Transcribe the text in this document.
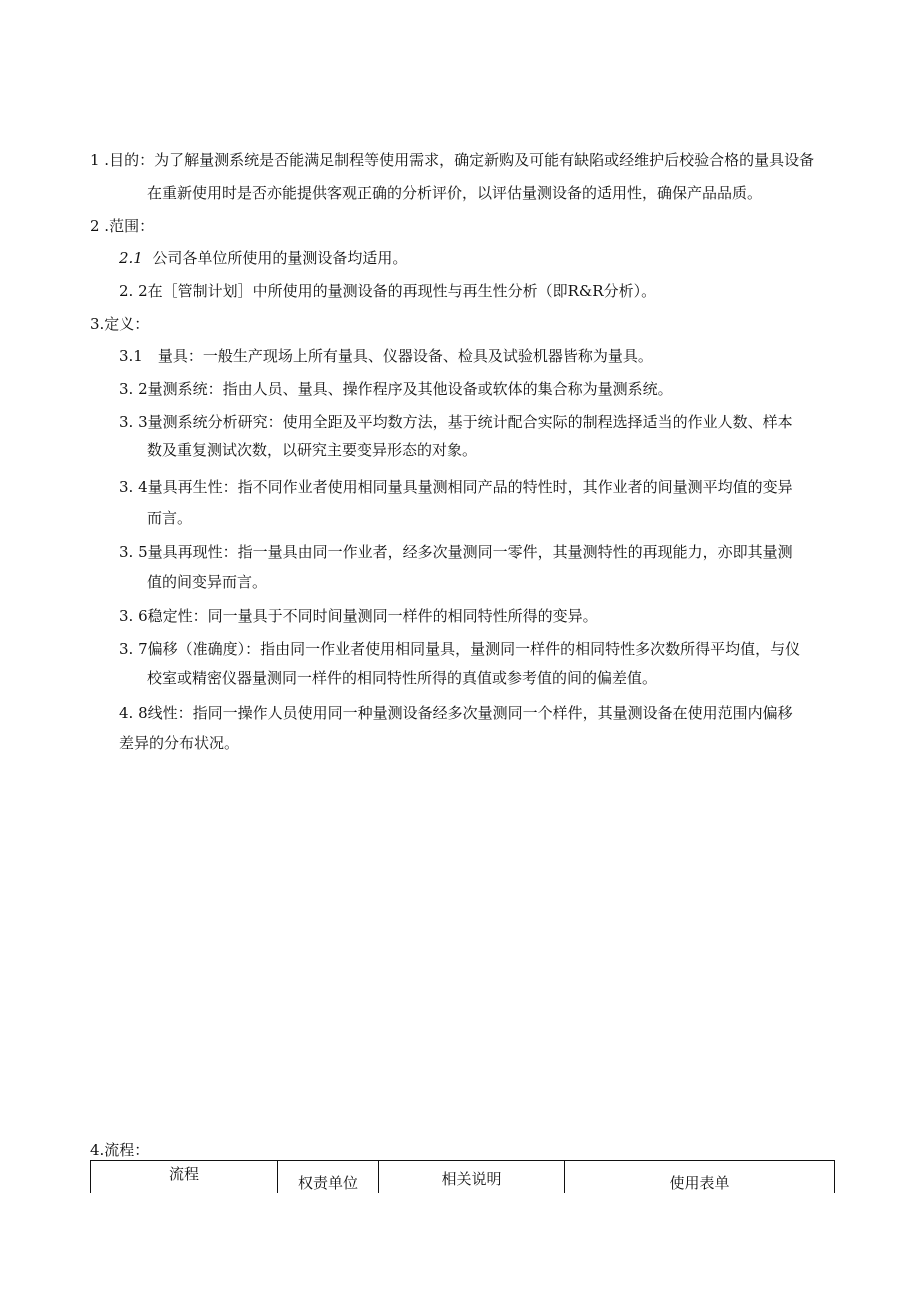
1 .目的：为了解量测系统是否能满足制程等使用需求，确定新购及可能有缺陷或经维护后校验合格的量具设备
在重新使用时是否亦能提供客观正确的分析评价，以评估量测设备的适用性，确保产品品质。
2 .范围：
2.1 公司各单位所使用的量测设备均适用。
2. 2在［管制计划］中所使用的量测设备的再现性与再生性分析（即R&R分析）。
3.定义：
3.1　量具：一般生产现场上所有量具、仪器设备、检具及试验机器皆称为量具。
3. 2量测系统：指由人员、量具、操作程序及其他设备或软体的集合称为量测系统。
3. 3量测系统分析研究：使用全距及平均数方法，基于统计配合实际的制程选择适当的作业人数、样本
数及重复测试次数，以研究主要变异形态的对象。
3. 4量具再生性：指不同作业者使用相同量具量测相同产品的特性时，其作业者的间量测平均值的变异
而言。
3. 5量具再现性：指一量具由同一作业者，经多次量测同一零件，其量测特性的再现能力，亦即其量测
值的间变异而言。
3. 6稳定性：同一量具于不同时间量测同一样件的相同特性所得的变异。
3. 7偏移（准确度）：指由同一作业者使用相同量具，量测同一样件的相同特性多次数所得平均值，与仪
校室或精密仪器量测同一样件的相同特性所得的真值或参考值的间的偏差值。
4. 8线性：指同一操作人员使用同一种量测设备经多次量测同一个样件，其量测设备在使用范围内偏移
差异的分布状况。
4.流程：
流程	权责单位	相关说明	使用表单
